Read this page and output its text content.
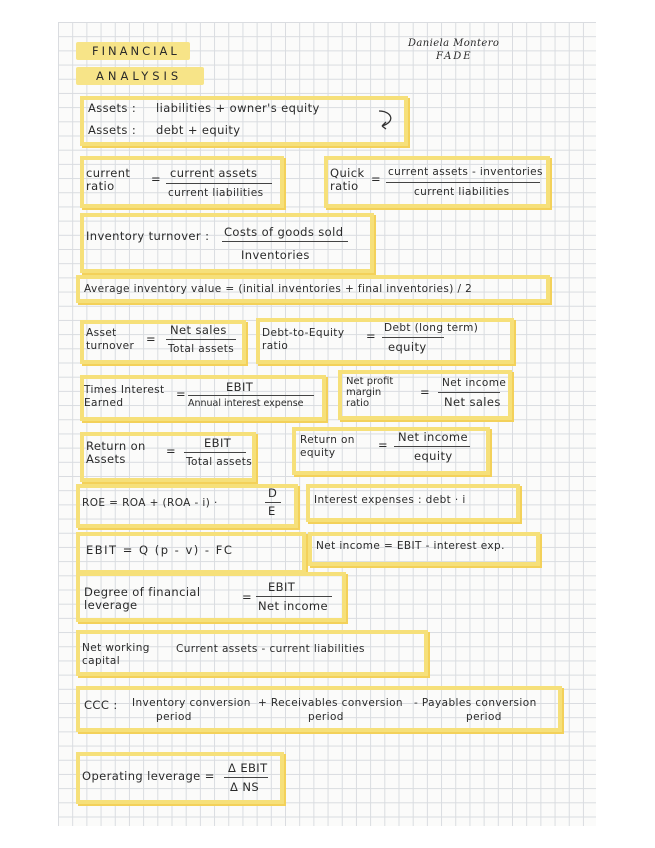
FINANCIAL
ANALYSIS
Daniela Montero
FADE
Assets : liabilities + owner's equity
Assets : debt + equity
current ratio	= current assets
current liabilities
Quick ratio	= current assets - inventories
current liabilities
Inventory turnover : Costs of goods sold
Inventories
Average inventory value = (initial inventories + final inventories) / 2
Asset turnover =
Net sales
Total assets
Debt-to-Equity ratio
=
Debt (long term)
equity
Times Interest Earned
=	EBIT
Annual interest expense
Net profit margin ratio
=
Net income
Net sales
Return on Assets
=
EBIT
Total assets
Return on equity
=
Net income
equity
ROE = ROA + (ROA - i) ·
D
E
Interest expenses : debt · i
EBIT = Q (p - v) - FC	Net income = EBIT - interest exp.
Degree of financial leverage
=
EBIT
Net income
Net working capital
Current assets - current liabilities
CCC : Inventory conversion
period
+ Receivables conversion
period
- Payables conversion
period
Operating leverage =
Δ EBIT
Δ NS
